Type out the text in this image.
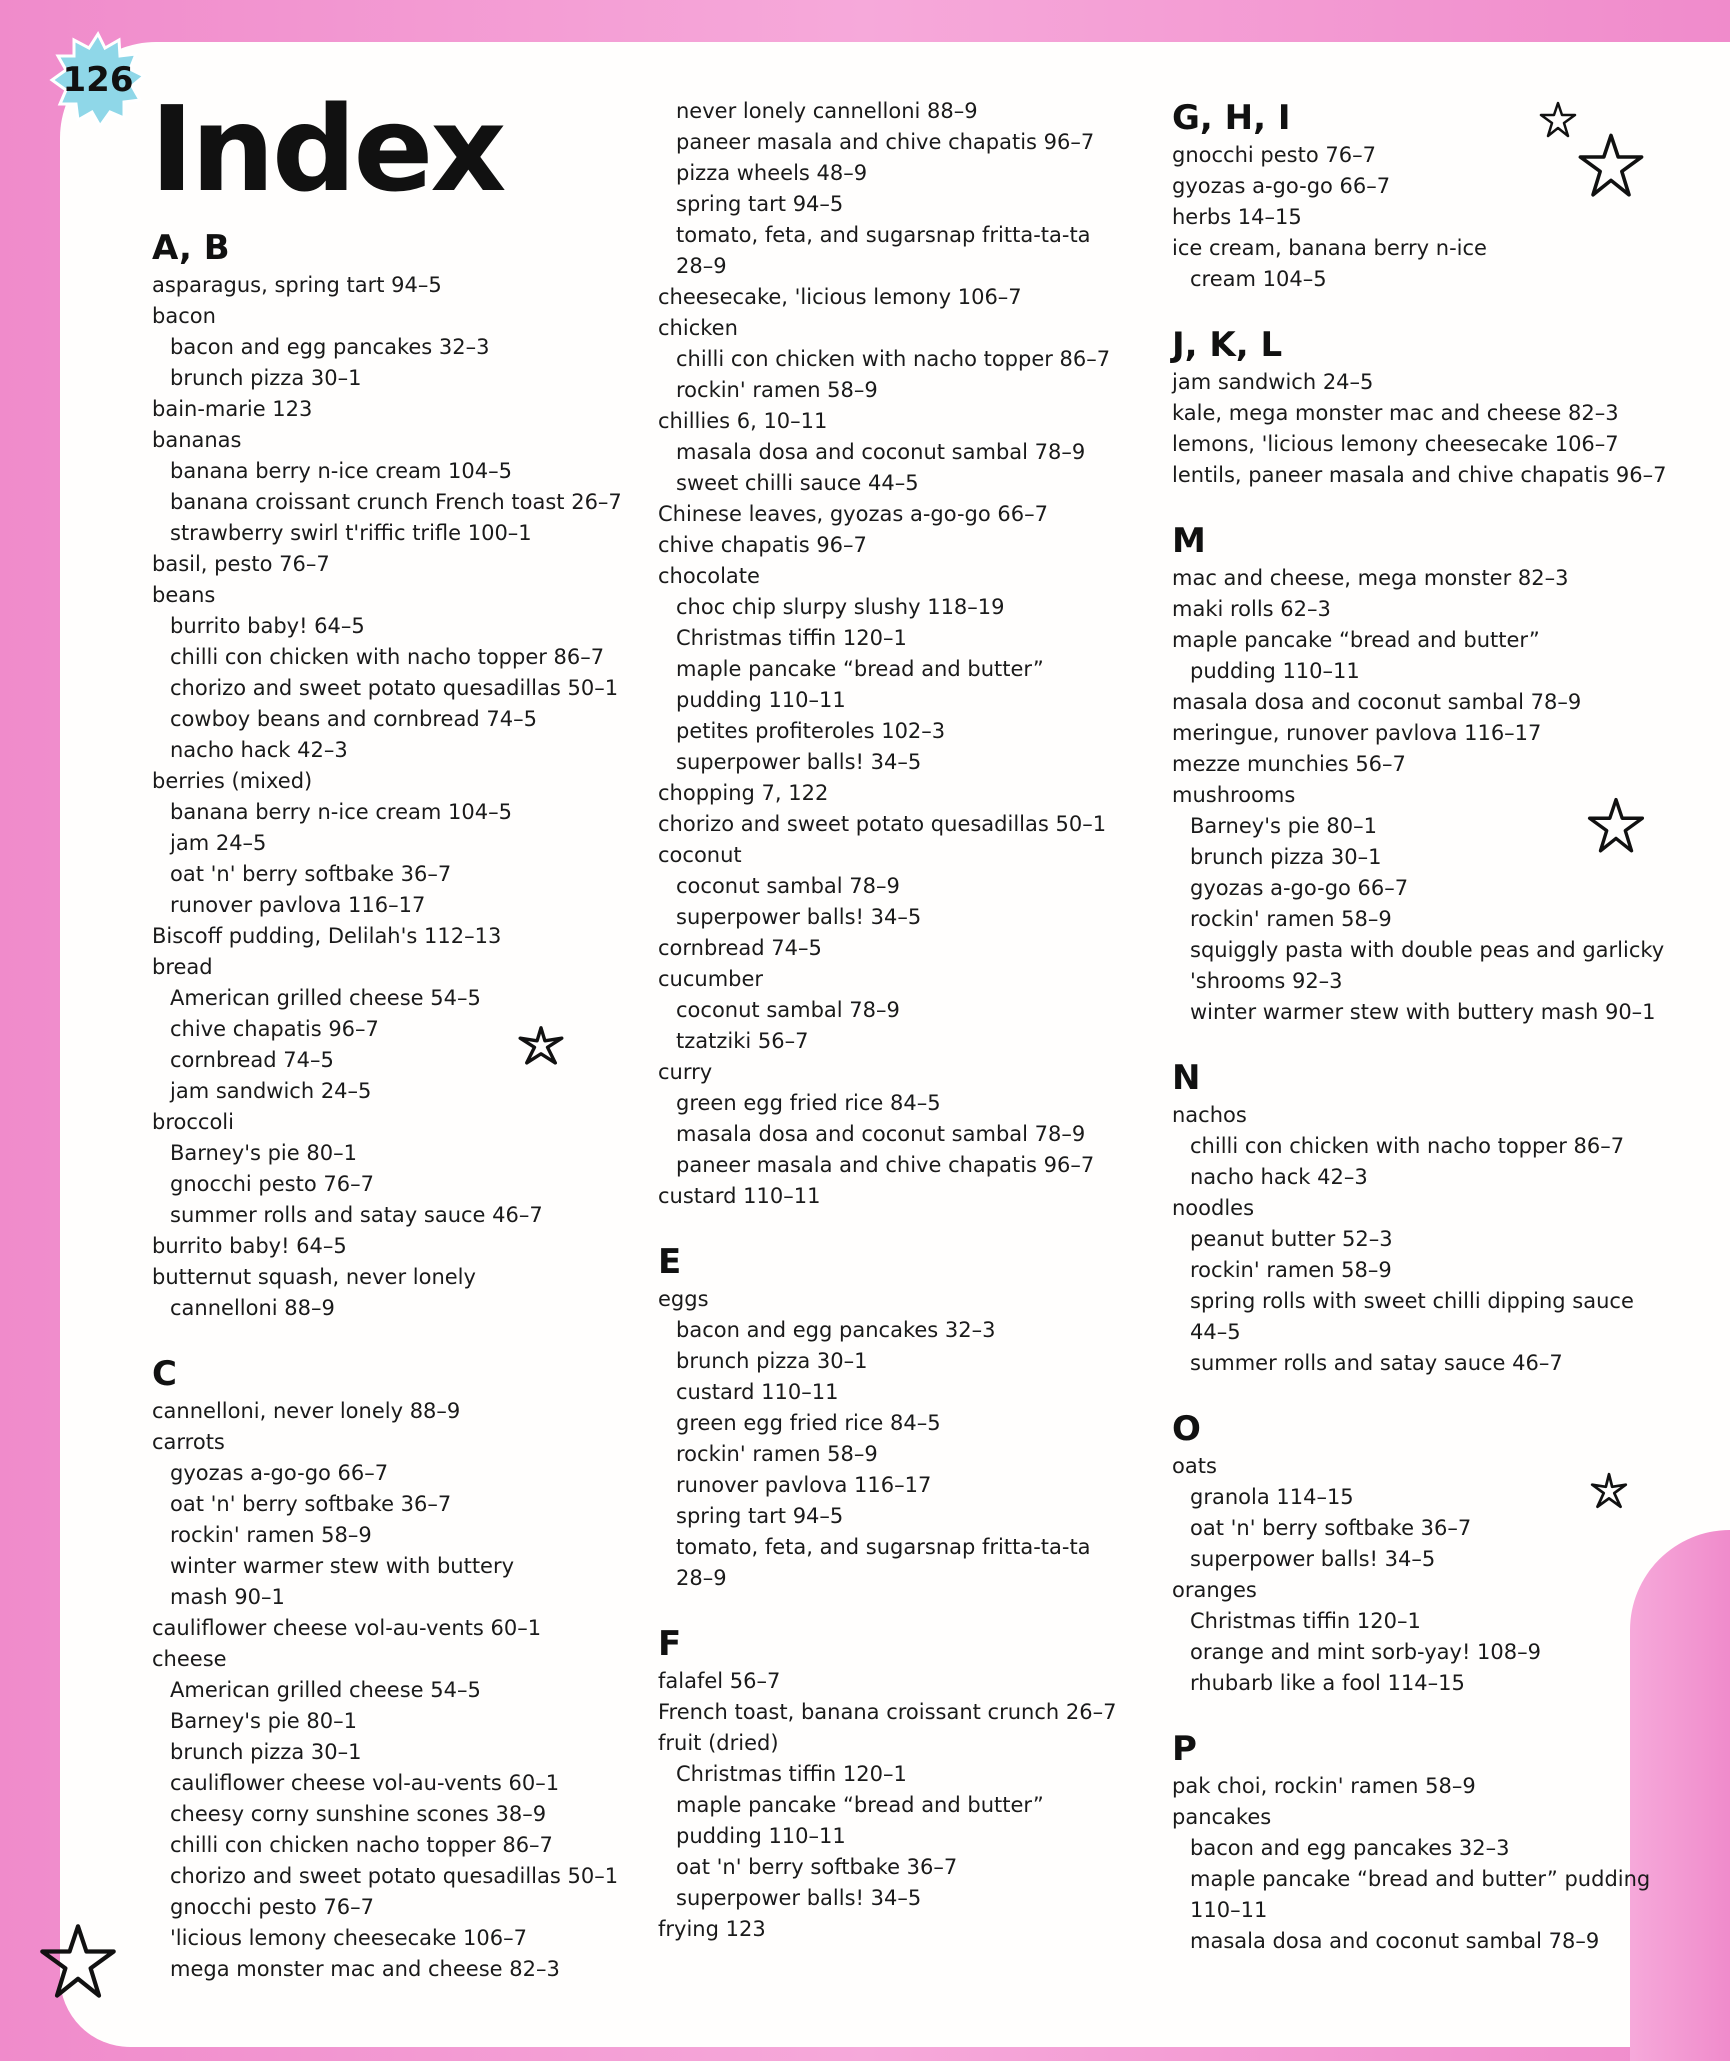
126 Index
A, B
asparagus, spring tart 94–5
bacon
bacon and egg pancakes 32–3
brunch pizza 30–1
bain-marie 123
bananas
banana berry n-ice cream 104–5
banana croissant crunch French toast 26–7
strawberry swirl t'riffic trifle 100–1
basil, pesto 76–7
beans
burrito baby! 64–5
chilli con chicken with nacho topper 86–7
chorizo and sweet potato quesadillas 50–1
cowboy beans and cornbread 74–5
nacho hack 42–3
berries (mixed)
banana berry n-ice cream 104–5
jam 24–5
oat 'n' berry softbake 36–7
runover pavlova 116–17
Biscoff pudding, Delilah's 112–13
bread
American grilled cheese 54–5
chive chapatis 96–7
cornbread 74–5
jam sandwich 24–5
broccoli
Barney's pie 80–1
gnocchi pesto 76–7
summer rolls and satay sauce 46–7
burrito baby! 64–5
butternut squash, never lonely
cannelloni 88–9
C
cannelloni, never lonely 88–9
carrots
gyozas a-go-go 66–7
oat 'n' berry softbake 36–7
rockin' ramen 58–9
winter warmer stew with buttery
mash 90–1
cauliflower cheese vol-au-vents 60–1
cheese
American grilled cheese 54–5
Barney's pie 80–1
brunch pizza 30–1
cauliflower cheese vol-au-vents 60–1
cheesy corny sunshine scones 38–9
chilli con chicken nacho topper 86–7
chorizo and sweet potato quesadillas 50–1
gnocchi pesto 76–7
'licious lemony cheesecake 106–7
mega monster mac and cheese 82–3
never lonely cannelloni 88–9
paneer masala and chive chapatis 96–7
pizza wheels 48–9
spring tart 94–5
tomato, feta, and sugarsnap fritta-ta-ta
28–9
cheesecake, 'licious lemony 106–7
chicken
chilli con chicken with nacho topper 86–7
rockin' ramen 58–9
chillies 6, 10–11
masala dosa and coconut sambal 78–9
sweet chilli sauce 44–5
Chinese leaves, gyozas a-go-go 66–7
chive chapatis 96–7
chocolate
choc chip slurpy slushy 118–19
Christmas tiffin 120–1
maple pancake “bread and butter”
pudding 110–11
petites profiteroles 102–3
superpower balls! 34–5
chopping 7, 122
chorizo and sweet potato quesadillas 50–1
coconut
coconut sambal 78–9
superpower balls! 34–5
cornbread 74–5
cucumber
coconut sambal 78–9
tzatziki 56–7
curry
green egg fried rice 84–5
masala dosa and coconut sambal 78–9
paneer masala and chive chapatis 96–7
custard 110–11
E
eggs
bacon and egg pancakes 32–3
brunch pizza 30–1
custard 110–11
green egg fried rice 84–5
rockin' ramen 58–9
runover pavlova 116–17
spring tart 94–5
tomato, feta, and sugarsnap fritta-ta-ta
28–9
F
falafel 56–7
French toast, banana croissant crunch 26–7
fruit (dried)
Christmas tiffin 120–1
maple pancake “bread and butter”
pudding 110–11
oat 'n' berry softbake 36–7
superpower balls! 34–5
frying 123
G, H, I
gnocchi pesto 76–7
gyozas a-go-go 66–7
herbs 14–15
ice cream, banana berry n-ice
cream 104–5
J, K, L
jam sandwich 24–5
kale, mega monster mac and cheese 82–3
lemons, 'licious lemony cheesecake 106–7
lentils, paneer masala and chive chapatis 96–7
M
mac and cheese, mega monster 82–3
maki rolls 62–3
maple pancake “bread and butter”
pudding 110–11
masala dosa and coconut sambal 78–9
meringue, runover pavlova 116–17
mezze munchies 56–7
mushrooms
Barney's pie 80–1
brunch pizza 30–1
gyozas a-go-go 66–7
rockin' ramen 58–9
squiggly pasta with double peas and garlicky
'shrooms 92–3
winter warmer stew with buttery mash 90–1
N
nachos
chilli con chicken with nacho topper 86–7
nacho hack 42–3
noodles
peanut butter 52–3
rockin' ramen 58–9
spring rolls with sweet chilli dipping sauce
44–5
summer rolls and satay sauce 46–7
O
oats
granola 114–15
oat 'n' berry softbake 36–7
superpower balls! 34–5
oranges
Christmas tiffin 120–1
orange and mint sorb-yay! 108–9
rhubarb like a fool 114–15
P
pak choi, rockin' ramen 58–9
pancakes
bacon and egg pancakes 32–3
maple pancake “bread and butter” pudding
110–11
masala dosa and coconut sambal 78–9
